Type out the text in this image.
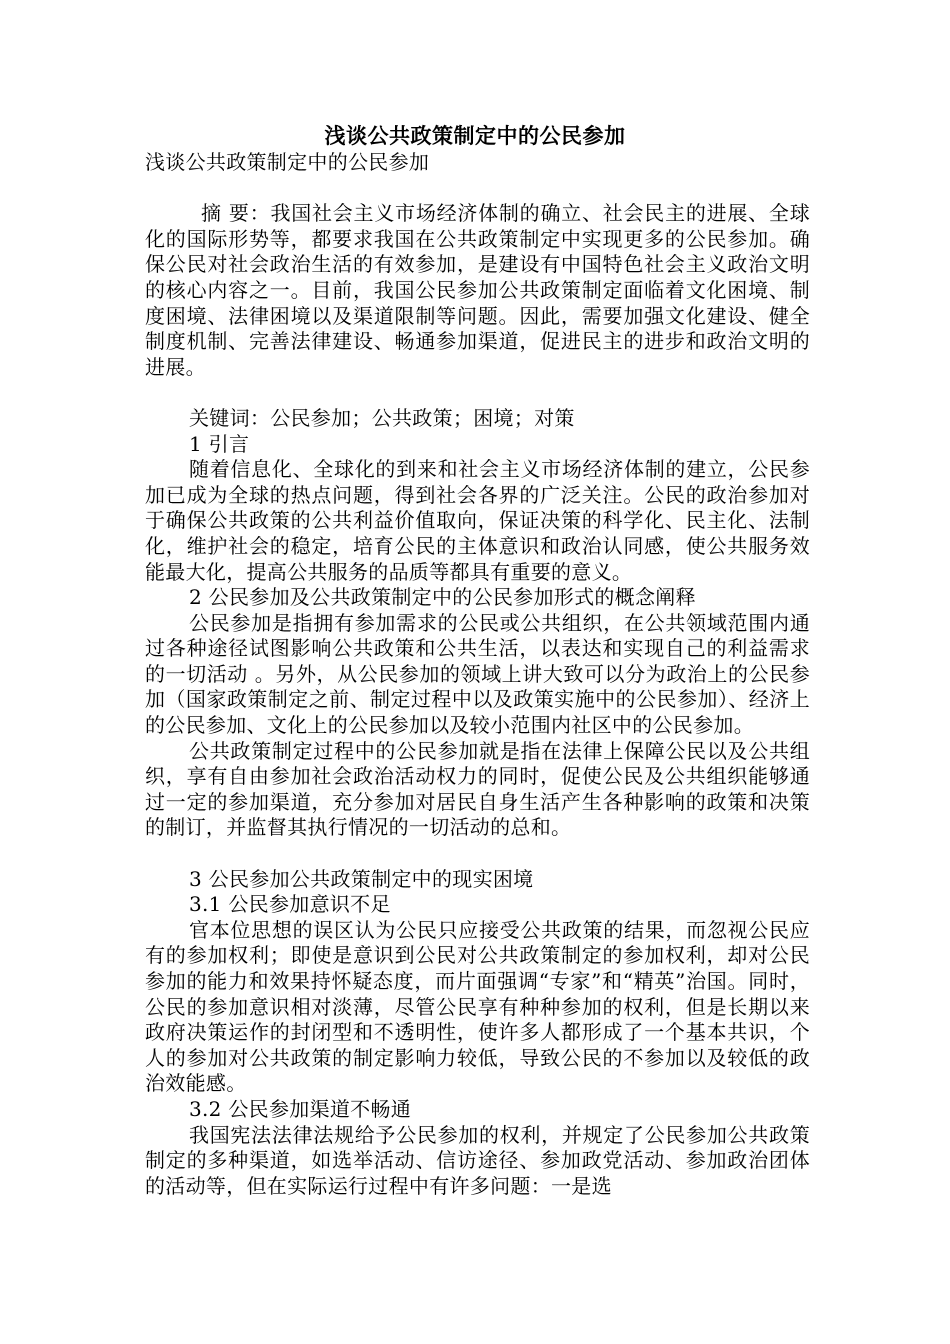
浅谈公共政策制定中的公民参加

浅谈公共政策制定中的公民参加

摘 要：我国社会主义市场经济体制的确立、社会民主的进展、全球化的国际形势等，都要求我国在公共政策制定中实现更多的公民参加。确保公民对社会政治生活的有效参加，是建设有中国特色社会主义政治文明的核心内容之一。目前，我国公民参加公共政策制定面临着文化困境、制度困境、法律困境以及渠道限制等问题。因此，需要加强文化建设、健全制度机制、完善法律建设、畅通参加渠道，促进民主的进步和政治文明的进展。

关键词：公民参加；公共政策；困境；对策

1 引言

随着信息化、全球化的到来和社会主义市场经济体制的建立，公民参加已成为全球的热点问题，得到社会各界的广泛关注。公民的政治参加对于确保公共政策的公共利益价值取向，保证决策的科学化、民主化、法制化，维护社会的稳定，培育公民的主体意识和政治认同感，使公共服务效能最大化，提高公共服务的品质等都具有重要的意义。

2 公民参加及公共政策制定中的公民参加形式的概念阐释

公民参加是指拥有参加需求的公民或公共组织，在公共领域范围内通过各种途径试图影响公共政策和公共生活，以表达和实现自己的利益需求的一切活动 。另外，从公民参加的领域上讲大致可以分为政治上的公民参加（国家政策制定之前、制定过程中以及政策实施中的公民参加）、经济上的公民参加、文化上的公民参加以及较小范围内社区中的公民参加。

公共政策制定过程中的公民参加就是指在法律上保障公民以及公共组织，享有自由参加社会政治活动权力的同时，促使公民及公共组织能够通过一定的参加渠道，充分参加对居民自身生活产生各种影响的政策和决策的制订，并监督其执行情况的一切活动的总和。

3 公民参加公共政策制定中的现实困境

3.1 公民参加意识不足

官本位思想的误区认为公民只应接受公共政策的结果，而忽视公民应有的参加权利；即使是意识到公民对公共政策制定的参加权利，却对公民参加的能力和效果持怀疑态度，而片面强调“专家”和“精英”治国。同时，公民的参加意识相对淡薄，尽管公民享有种种参加的权利，但是长期以来政府决策运作的封闭型和不透明性，使许多人都形成了一个基本共识，个人的参加对公共政策的制定影响力较低，导致公民的不参加以及较低的政治效能感。

3.2 公民参加渠道不畅通

我国宪法法律法规给予公民参加的权利，并规定了公民参加公共政策制定的多种渠道，如选举活动、信访途径、参加政党活动、参加政治团体的活动等，但在实际运行过程中有许多问题：一是选
